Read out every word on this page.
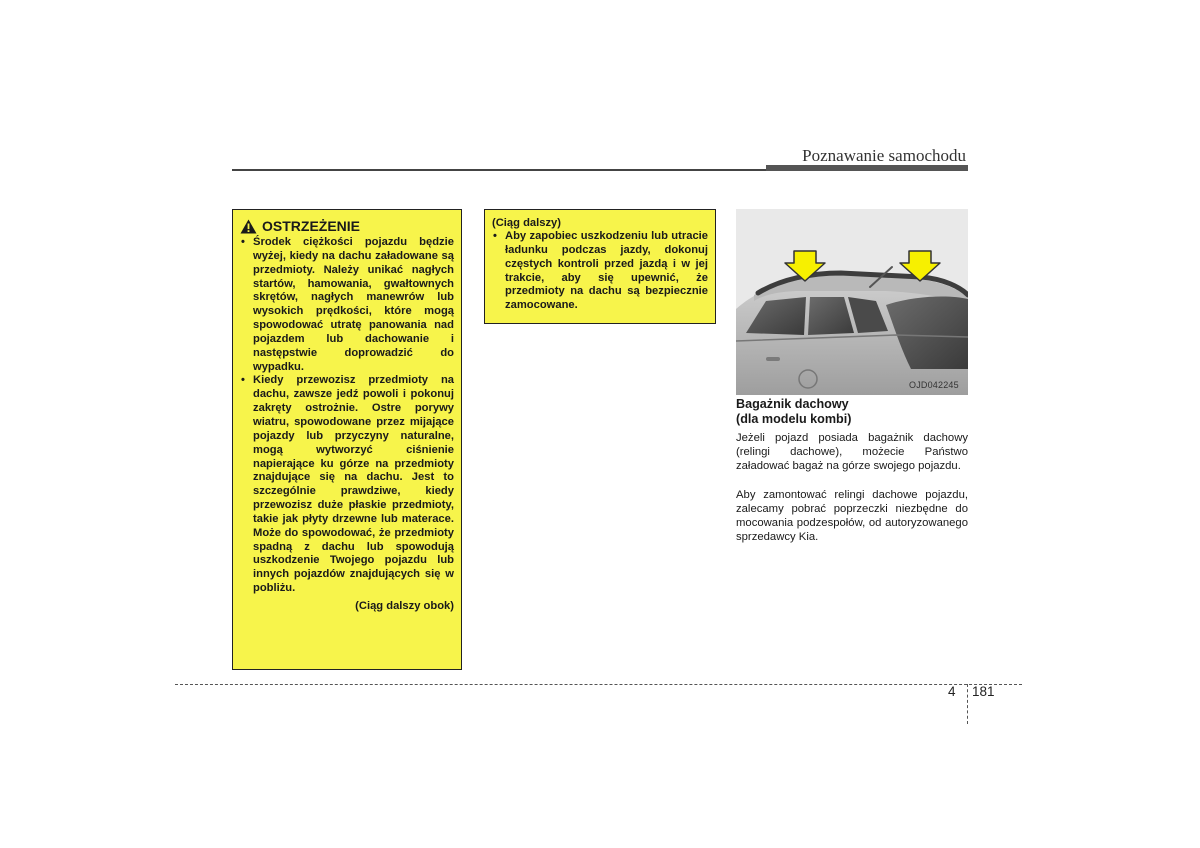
Poznawanie samochodu
OSTRZEŻENIE
• Środek ciężkości pojazdu będzie wyżej, kiedy na dachu załadowane są przedmioty. Należy unikać nagłych startów, hamowania, gwałtownych skrętów, nagłych manewrów lub wysokich prędkości, które mogą spowodować utratę panowania nad pojazdem lub dachowanie i następstwie doprowadzić do wypadku.
• Kiedy przewozisz przedmioty na dachu, zawsze jedź powoli i pokonuj zakręty ostrożnie. Ostre porywy wiatru, spowodowane przez mijające pojazdy lub przyczyny naturalne, mogą wytworzyć ciśnienie napierające ku górze na przedmioty znajdujące się na dachu. Jest to szczególnie prawdziwe, kiedy przewozisz duże płaskie przedmioty, takie jak płyty drzewne lub materace. Może do spowodować, że przedmioty spadną z dachu lub spowodują uszkodzenie Twojego pojazdu lub innych pojazdów znajdujących się w pobliżu.
(Ciąg dalszy obok)
(Ciąg dalszy)
• Aby zapobiec uszkodzeniu lub utracie ładunku podczas jazdy, dokonuj częstych kontroli przed jazdą i w jej trakcie, aby się upewnić, że przedmioty na dachu są bezpiecznie zamocowane.
OJD042245
Bagażnik dachowy
(dla modelu kombi)

Jeżeli pojazd posiada bagażnik dachowy (relingi dachowe), możecie Państwo załadować bagaż na górze swojego pojazdu.

Aby zamontować relingi dachowe pojazdu, zalecamy pobrać poprzeczki niezbędne do mocowania podzespołów, od autoryzowanego sprzedawcy Kia.

4 181
